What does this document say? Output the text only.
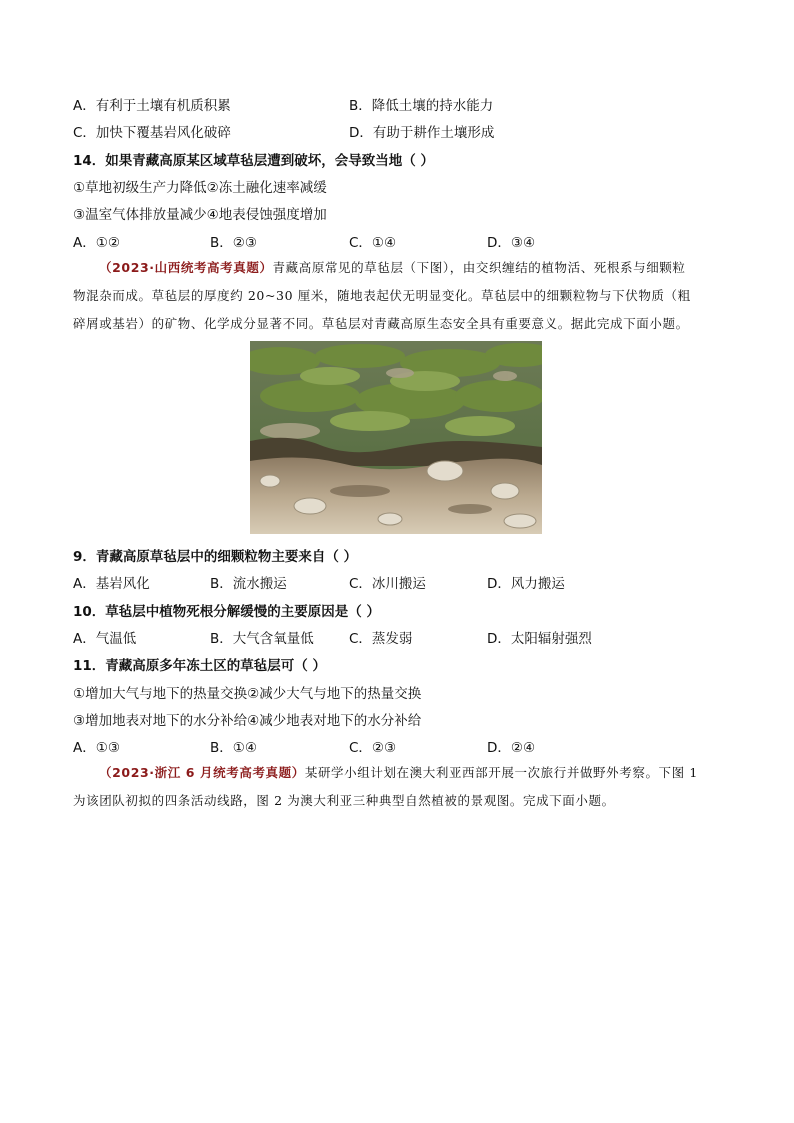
A．有利于土壤有机质积累	B．降低土壤的持水能力
C．加快下覆基岩风化破碎	D．有助于耕作土壤形成
14．如果青藏高原某区域草毡层遭到破坏，会导致当地（ ）
①草地初级生产力降低②冻土融化速率减缓
③温室气体排放量减少④地表侵蚀强度增加
A．①②	B．②③	C．①④	D．③④
（2023·山西统考高考真题）青藏高原常见的草毡层（下图），由交织缠结的植物活、死根系与细颗粒
物混杂而成。草毡层的厚度约 20~30 厘米，随地表起伏无明显变化。草毡层中的细颗粒物与下伏物质（粗
碎屑或基岩）的矿物、化学成分显著不同。草毡层对青藏高原生态安全具有重要意义。据此完成下面小题。
9．青藏高原草毡层中的细颗粒物主要来自（ ）
A．基岩风化	B．流水搬运	C．冰川搬运	D．风力搬运
10．草毡层中植物死根分解缓慢的主要原因是（ ）
A．气温低	B．大气含氧量低	C．蒸发弱	D．太阳辐射强烈
11．青藏高原多年冻土区的草毡层可（ ）
①增加大气与地下的热量交换②减少大气与地下的热量交换
③增加地表对地下的水分补给④减少地表对地下的水分补给
A．①③	B．①④	C．②③	D．②④
（2023·浙江 6 月统考高考真题）某研学小组计划在澳大利亚西部开展一次旅行并做野外考察。下图 1
为该团队初拟的四条活动线路，图 2 为澳大利亚三种典型自然植被的景观图。完成下面小题。
